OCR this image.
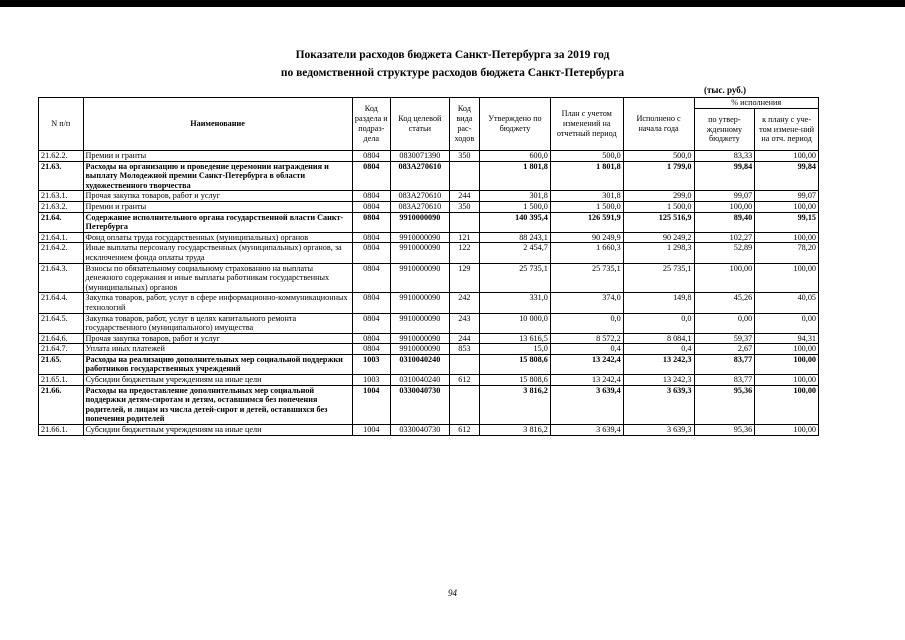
Показатели расходов бюджета Санкт-Петербурга за 2019 год
по ведомственной структуре расходов бюджета Санкт-Петербурга
(тыс. руб.)
N п/п	Наименование	Код раздела и подраз-дела	Код целевой статьи	Код вида рас-ходов	Утверждено по бюджету	План с учетом изменений на отчетный период	Исполнено с начала года	% исполнения	
								по утвер-жденному бюджету	к плану с уче-том измене-ний на отч. период
21.62.2.	Премии и гранты	0804	0830071390	350	600,0	500,0	500,0	83,33	100,00
21.63.	Расходы на организацию и проведение церемонии награждения и выплату Молодежной премии Санкт-Петербурга в области художественного творчества	0804	083А270610		1 801,8	1 801,8	1 799,0	99,84	99,84
21.63.1.	Прочая закупка товаров, работ и услуг	0804	083А270610	244	301,8	301,8	299,0	99,07	99,07
21.63.2.	Премии и гранты	0804	083А270610	350	1 500,0	1 500,0	1 500,0	100,00	100,00
21.64.	Содержание исполнительного органа государственной власти Санкт-Петербурга	0804	9910000090		140 395,4	126 591,9	125 516,9	89,40	99,15
21.64.1.	Фонд оплаты труда государственных (муниципальных) органов	0804	9910000090	121	88 243,1	90 249,9	90 249,2	102,27	100,00
21.64.2.	Иные выплаты персоналу государственных (муниципальных) органов, за исключением фонда оплаты труда	0804	9910000090	122	2 454,7	1 660,3	1 298,3	52,89	78,20
21.64.3.	Взносы по обязательному социальному страхованию на выплаты денежного содержания и иные выплаты работникам государственных (муниципальных) органов	0804	9910000090	129	25 735,1	25 735,1	25 735,1	100,00	100,00
21.64.4.	Закупка товаров, работ, услуг в сфере информационно-коммуникационных технологий	0804	9910000090	242	331,0	374,0	149,8	45,26	40,05
21.64.5.	Закупка товаров, работ, услуг в целях капитального ремонта государственного (муниципального) имущества	0804	9910000090	243	10 000,0	0,0	0,0	0,00	0,00
21.64.6.	Прочая закупка товаров, работ и услуг	0804	9910000090	244	13 616,5	8 572,2	8 084,1	59,37	94,31
21.64.7.	Уплата иных платежей	0804	9910000090	853	15,0	0,4	0,4	2,67	100,00
21.65.	Расходы на реализацию дополнительных мер социальной поддержки работников государственных учреждений	1003	0310040240		15 808,6	13 242,4	13 242,3	83,77	100,00
21.65.1.	Субсидии бюджетным учреждениям на иные цели	1003	0310040240	612	15 808,6	13 242,4	13 242,3	83,77	100,00
21.66.	Расходы на предоставление дополнительных мер социальной поддержки детям-сиротам и детям, оставшимся без попечения родителей, и лицам из числа детей-сирот и детей, оставшихся без попечения родителей	1004	0330040730		3 816,2	3 639,4	3 639,3	95,36	100,00
21.66.1.	Субсидии бюджетным учреждениям на иные цели	1004	0330040730	612	3 816,2	3 639,4	3 639,3	95,36	100,00
94
